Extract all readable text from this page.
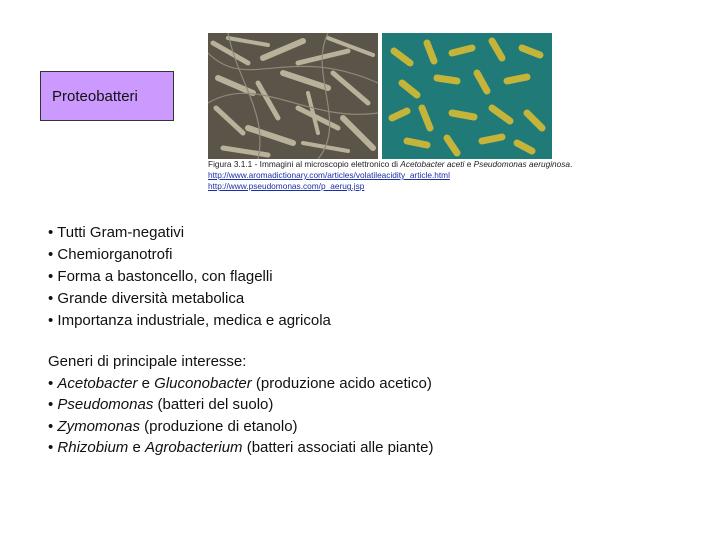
Proteobatteri
Figura 3.1.1 - Immagini al microscopio elettronico di Acetobacter aceti e Pseudomonas aeruginosa.
http://www.aromadictionary.com/articles/volatileacidity_article.html
http://www.pseudomonas.com/p_aerug.jsp
• Tutti Gram-negativi
• Chemiorganotrofi
• Forma a bastoncello, con flagelli
• Grande diversità metabolica
• Importanza industriale, medica e agricola
Generi di principale interesse:
• Acetobacter e Gluconobacter (produzione acido acetico)
• Pseudomonas (batteri del suolo)
• Zymomonas (produzione di etanolo)
• Rhizobium e Agrobacterium (batteri associati alle piante)
